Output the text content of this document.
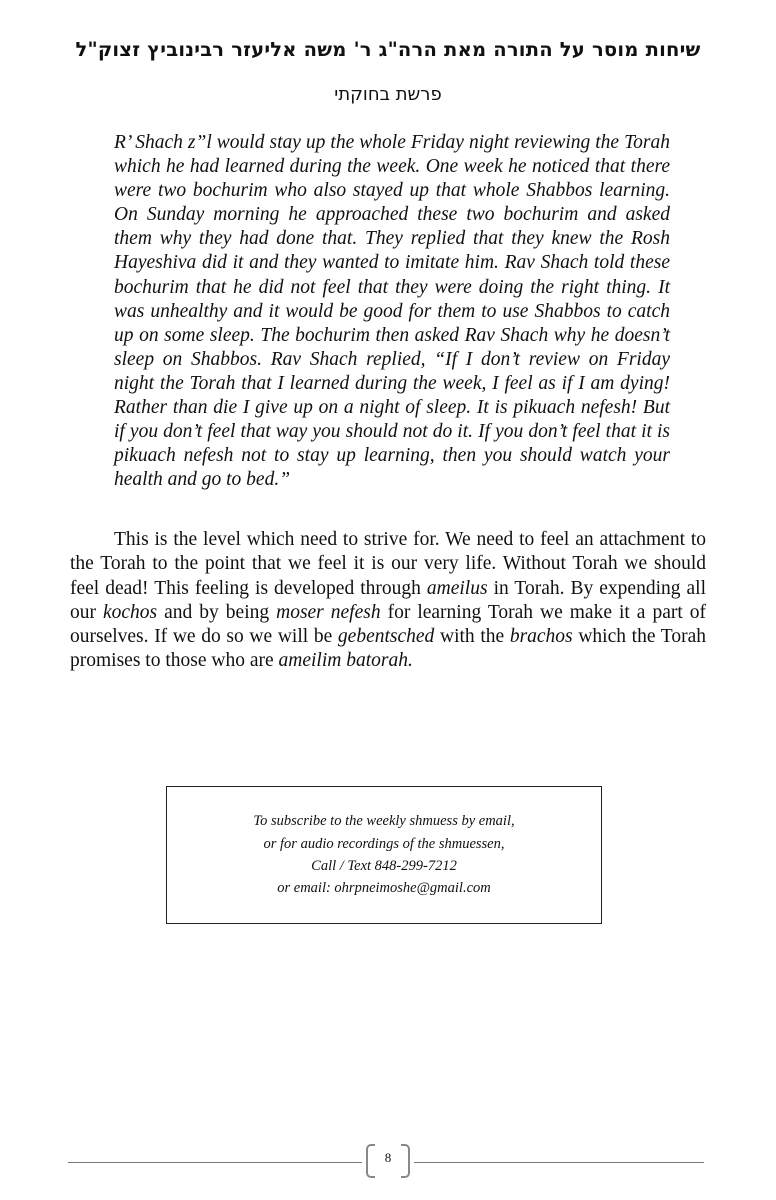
שיחות מוסר על התורה מאת הרה"ג ר' משה אליעזר רבינוביץ זצוק"ל
פרשת בחוקתי

R’ Shach z”l would stay up the whole Friday night reviewing the Torah which he had learned during the week. One week he noticed that there were two bochurim who also stayed up that whole Shabbos learning. On Sunday morning he approached these two bochurim and asked them why they had done that. They replied that they knew the Rosh Hayeshiva did it and they wanted to imitate him. Rav Shach told these bochurim that he did not feel that they were doing the right thing. It was unhealthy and it would be good for them to use Shabbos to catch up on some sleep. The bochurim then asked Rav Shach why he doesn’t sleep on Shabbos. Rav Shach replied, “If I don’t review on Friday night the Torah that I learned during the week, I feel as if I am dying! Rather than die I give up on a night of sleep. It is pikuach nefesh! But if you don’t feel that way you should not do it. If you don’t feel that it is pikuach nefesh not to stay up learning, then you should watch your health and go to bed.”

This is the level which need to strive for. We need to feel an attachment to the Torah to the point that we feel it is our very life. Without Torah we should feel dead! This feeling is developed through ameilus in Torah. By expending all our kochos and by being moser nefesh for learning Torah we make it a part of ourselves. If we do so we will be gebentsched with the brachos which the Torah promises to those who are ameilim batorah.

To subscribe to the weekly shmuess by email,
or for audio recordings of the shmuessen,
Call / Text 848-299-7212
or email: ohrpneimoshe@gmail.com
8
